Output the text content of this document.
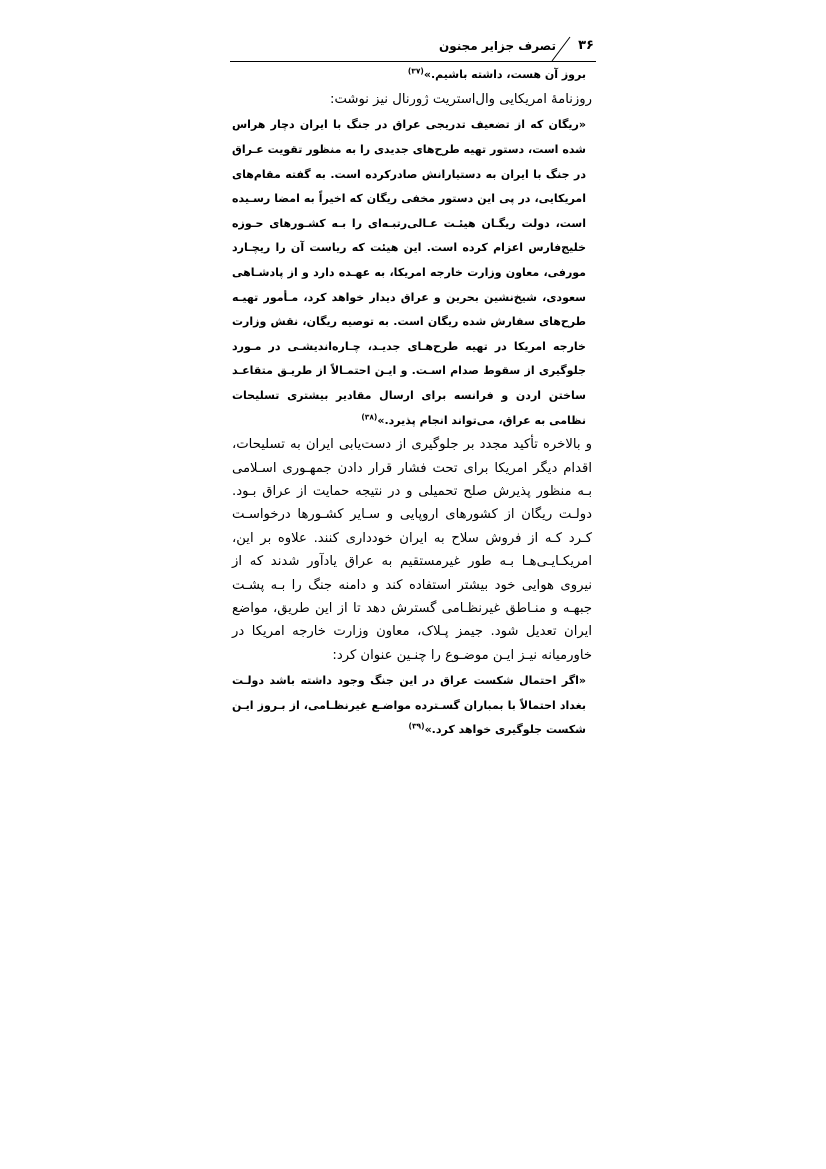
۳۶
تصرف جزایر مجنون

بروز آن هست، داشته باشیم.»$^{(۳۷)}$

روزنامهٔ امریکایی وال‌استریت ژورنال نیز نوشت:

«ریگان که از تضعیف تدریجی عراق در جنگ با ایران دچار هراس شده است، دستور تهیه طرح‌های جدیدی را به منظور تقویت عـراق در جنگ با ایران به دستیارانش صادرکرده است. به گفته مقام‌های امریکایی، در پی این دستور مخفی ریگان که اخیراً به امضا رسـیده است، دولت ریگـان هیئـت عـالی‌رتبـه‌ای را بـه کشـورهای حـوزه خلیج‌فارس اعزام کرده است. این هیئت که ریاست آن را ریچـارد مورفی، معاون وزارت خارجه امریکا، به عهـده دارد و از پادشـاهی سعودی، شیخ‌نشین بحرین و عراق دیدار خواهد کرد، مـأمور تهیـه طرح‌های سفارش شده ریگان است. به توصیه ریگان، نقش وزارت خارجه امریکا در تهیه طرح‌هـای جدیـد، چـاره‌اندیشـی در مـورد جلوگیری از سقوط صدام اسـت. و ایـن احتمـالاً از طریـق متقاعـد ساختن اردن و فرانسه برای ارسال مقادیر بیشتری تسلیحات نظامی به عراق، می‌تواند انجام پذیرد.»$^{(۳۸)}$

و بالاخره تأکید مجدد بر جلوگیری از دست‌یابی ایران به تسلیحات، اقدام دیگر امریکا برای تحت فشار قرار دادن جمهـوری اسـلامی بـه منظور پذیرش صلح تحمیلی و در نتیجه حمایت از عراق بـود. دولـت ریگان از کشورهای اروپایی و سـایر کشـورها درخواسـت کـرد کـه از فروش سلاح به ایران خودداری کنند. علاوه بر این، امریکـایـی‌هـا بـه طور غیرمستقیم به عراق یادآور شدند که از نیروی هوایی خود بیشتر استفاده کند و دامنه جنگ را بـه پشـت جبهـه و منـاطق غیرنظـامی گسترش دهد تا از این طریق، مواضع ایران تعدیل شود. جیمز پـلاک، معاون وزارت خارجه امریکا در خاورمیانه نیـز ایـن موضـوع را چنـین عنوان کرد:

«اگر احتمال شکست عراق در این جنگ وجود داشته باشد دولـت بغداد احتمالاً با بمباران گسـترده مواضـع غیرنظـامی، از بـروز ایـن شکست جلوگیری خواهد کرد.»$^{(۳۹)}$
